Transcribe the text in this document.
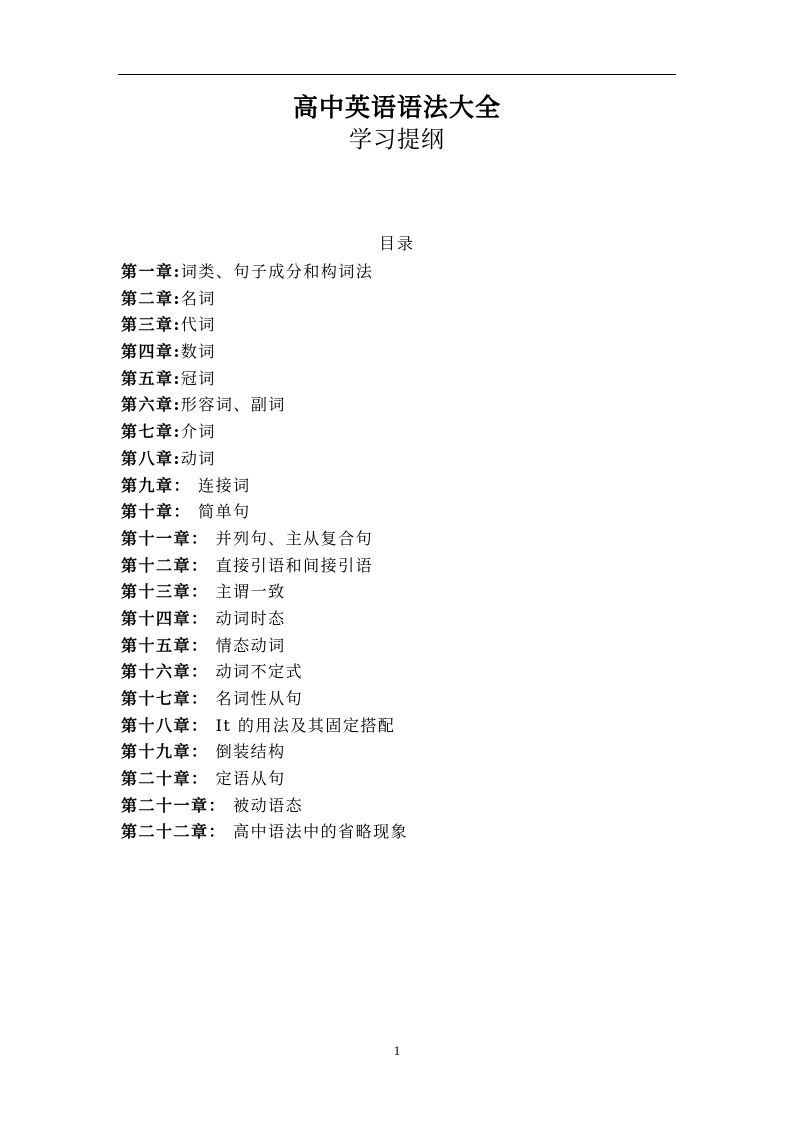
高中英语语法大全
学习提纲
目录
第一章:词类、句子成分和构词法
第二章:名词
第三章:代词
第四章:数词
第五章:冠词
第六章:形容词、副词
第七章:介词
第八章:动词
第九章： 连接词
第十章： 简单句
第十一章： 并列句、主从复合句
第十二章： 直接引语和间接引语
第十三章： 主谓一致
第十四章： 动词时态
第十五章： 情态动词
第十六章： 动词不定式
第十七章： 名词性从句
第十八章： It 的用法及其固定搭配
第十九章： 倒装结构
第二十章： 定语从句
第二十一章： 被动语态
第二十二章： 高中语法中的省略现象
1
